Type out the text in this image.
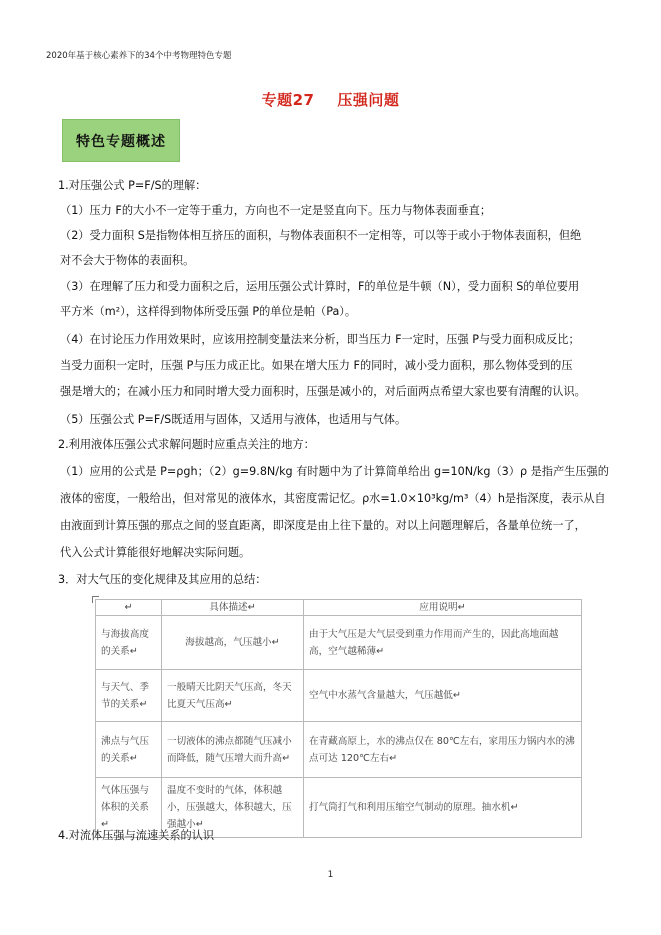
2020年基于核心素养下的34个中考物理特色专题
专题27    压强问题
特色专题概述
1.对压强公式 P=F/S的理解：
（1）压力 F的大小不一定等于重力，方向也不一定是竖直向下。压力与物体表面垂直；
（2）受力面积 S是指物体相互挤压的面积，与物体表面积不一定相等，可以等于或小于物体表面积，但绝
对不会大于物体的表面积。
（3）在理解了压力和受力面积之后，运用压强公式计算时，F的单位是牛顿（N），受力面积 S的单位要用
平方米（m²），这样得到物体所受压强 P的单位是帕（Pa）。
（4）在讨论压力作用效果时，应该用控制变量法来分析，即当压力 F一定时，压强 P与受力面积成反比；
当受力面积一定时，压强 P与压力成正比。如果在增大压力 F的同时，减小受力面积，那么物体受到的压
强是增大的；在减小压力和同时增大受力面积时，压强是减小的，对后面两点希望大家也要有清醒的认识。
（5）压强公式 P=F/S既适用与固体，又适用与液体，也适用与气体。
2.利用液体压强公式求解问题时应重点关注的地方：
（1）应用的公式是 P=ρgh；（2）g=9.8N/kg 有时题中为了计算简单给出 g=10N/kg（3）ρ 是指产生压强的
液体的密度，一般给出，但对常见的液体水，其密度需记忆。ρ水=1.0×10³kg/m³（4）h是指深度，表示从自
由液面到计算压强的那点之间的竖直距离，即深度是由上往下量的。对以上问题理解后，各量单位统一了，
代入公式计算能很好地解决实际问题。
3．对大气压的变化规律及其应用的总结：
↵	具体描述↵	应用说明↵
与海拔高度的关系↵	海拔越高，气压越小↵	由于大气压是大气层受到重力作用而产生的，因此高地面越高，空气越稀薄↵
与天气、季节的关系↵	一般晴天比阴天气压高，冬天比夏天气压高↵	空气中水蒸气含量越大，气压越低↵
沸点与气压的关系↵	一切液体的沸点都随气压减小而降低，随气压增大而升高↵	在青藏高原上，水的沸点仅在 80℃左右，家用压力锅内水的沸点可达 120℃左右↵
气体压强与体积的关系↵	温度不变时的气体，体积越小，压强越大，体积越大，压强越小↵	打气筒打气和利用压缩空气制动的原理。抽水机↵
4.对流体压强与流速关系的认识
1
